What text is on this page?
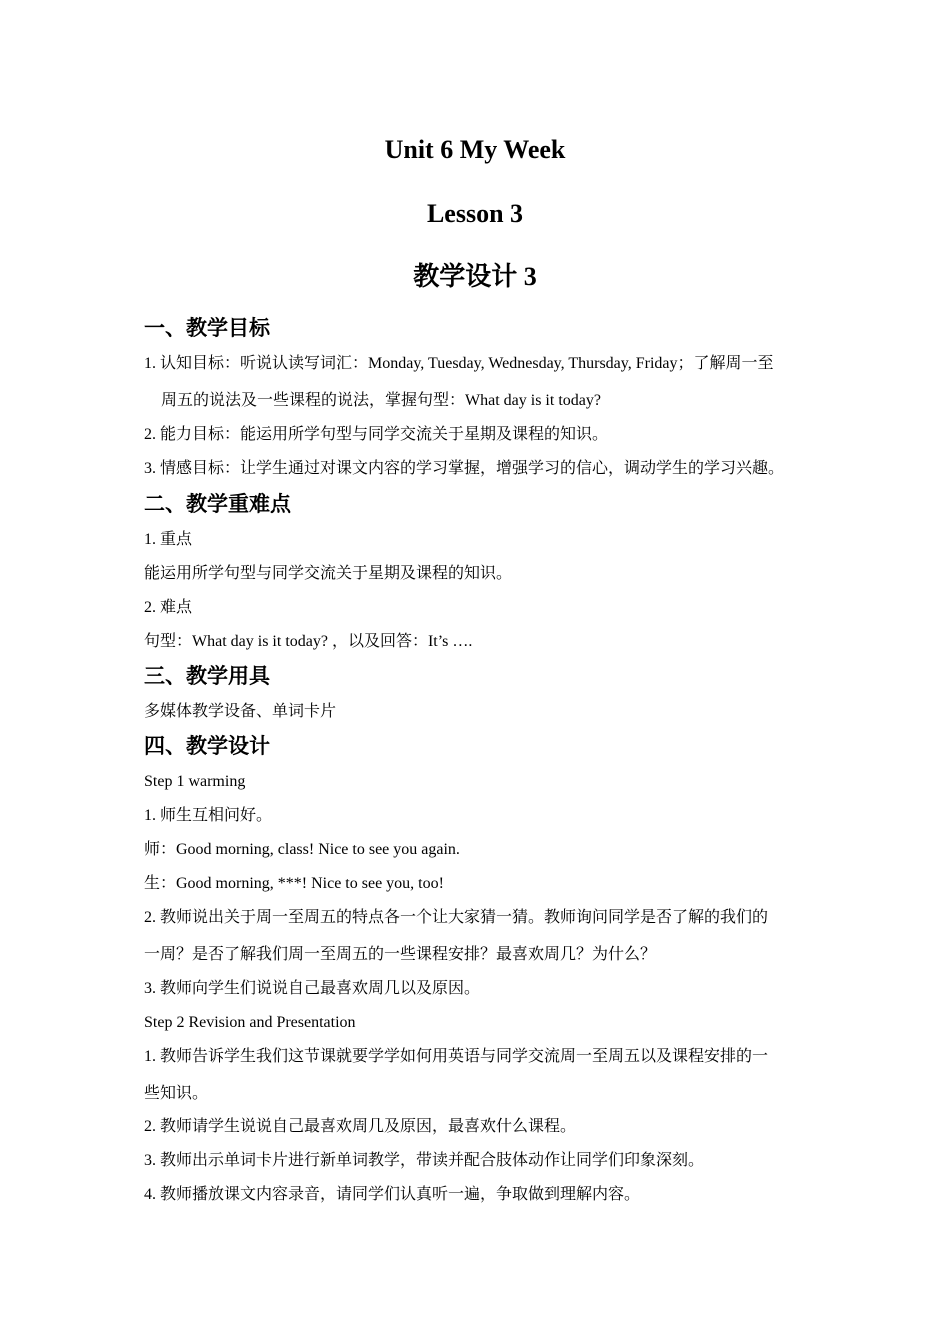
Unit 6 My Week
Lesson 3
教学设计 3
一、教学目标
1. 认知目标：听说认读写词汇：Monday, Tuesday, Wednesday, Thursday, Friday；了解周一至
周五的说法及一些课程的说法，掌握句型：What day is it today?
2. 能力目标：能运用所学句型与同学交流关于星期及课程的知识。
3. 情感目标：让学生通过对课文内容的学习掌握，增强学习的信心，调动学生的学习兴趣。
二、教学重难点
1. 重点
能运用所学句型与同学交流关于星期及课程的知识。
2. 难点
句型：What day is it today? ，以及回答：It’s ….
三、教学用具
多媒体教学设备、单词卡片
四、教学设计
Step 1 warming
1. 师生互相问好。
师：Good morning, class! Nice to see you again.
生：Good morning, ***! Nice to see you, too!
2. 教师说出关于周一至周五的特点各一个让大家猜一猜。教师询问同学是否了解的我们的
一周？是否了解我们周一至周五的一些课程安排？最喜欢周几？为什么？
3. 教师向学生们说说自己最喜欢周几以及原因。
Step 2 Revision and Presentation
1. 教师告诉学生我们这节课就要学学如何用英语与同学交流周一至周五以及课程安排的一
些知识。
2. 教师请学生说说自己最喜欢周几及原因，最喜欢什么课程。
3. 教师出示单词卡片进行新单词教学，带读并配合肢体动作让同学们印象深刻。
4. 教师播放课文内容录音，请同学们认真听一遍，争取做到理解内容。
